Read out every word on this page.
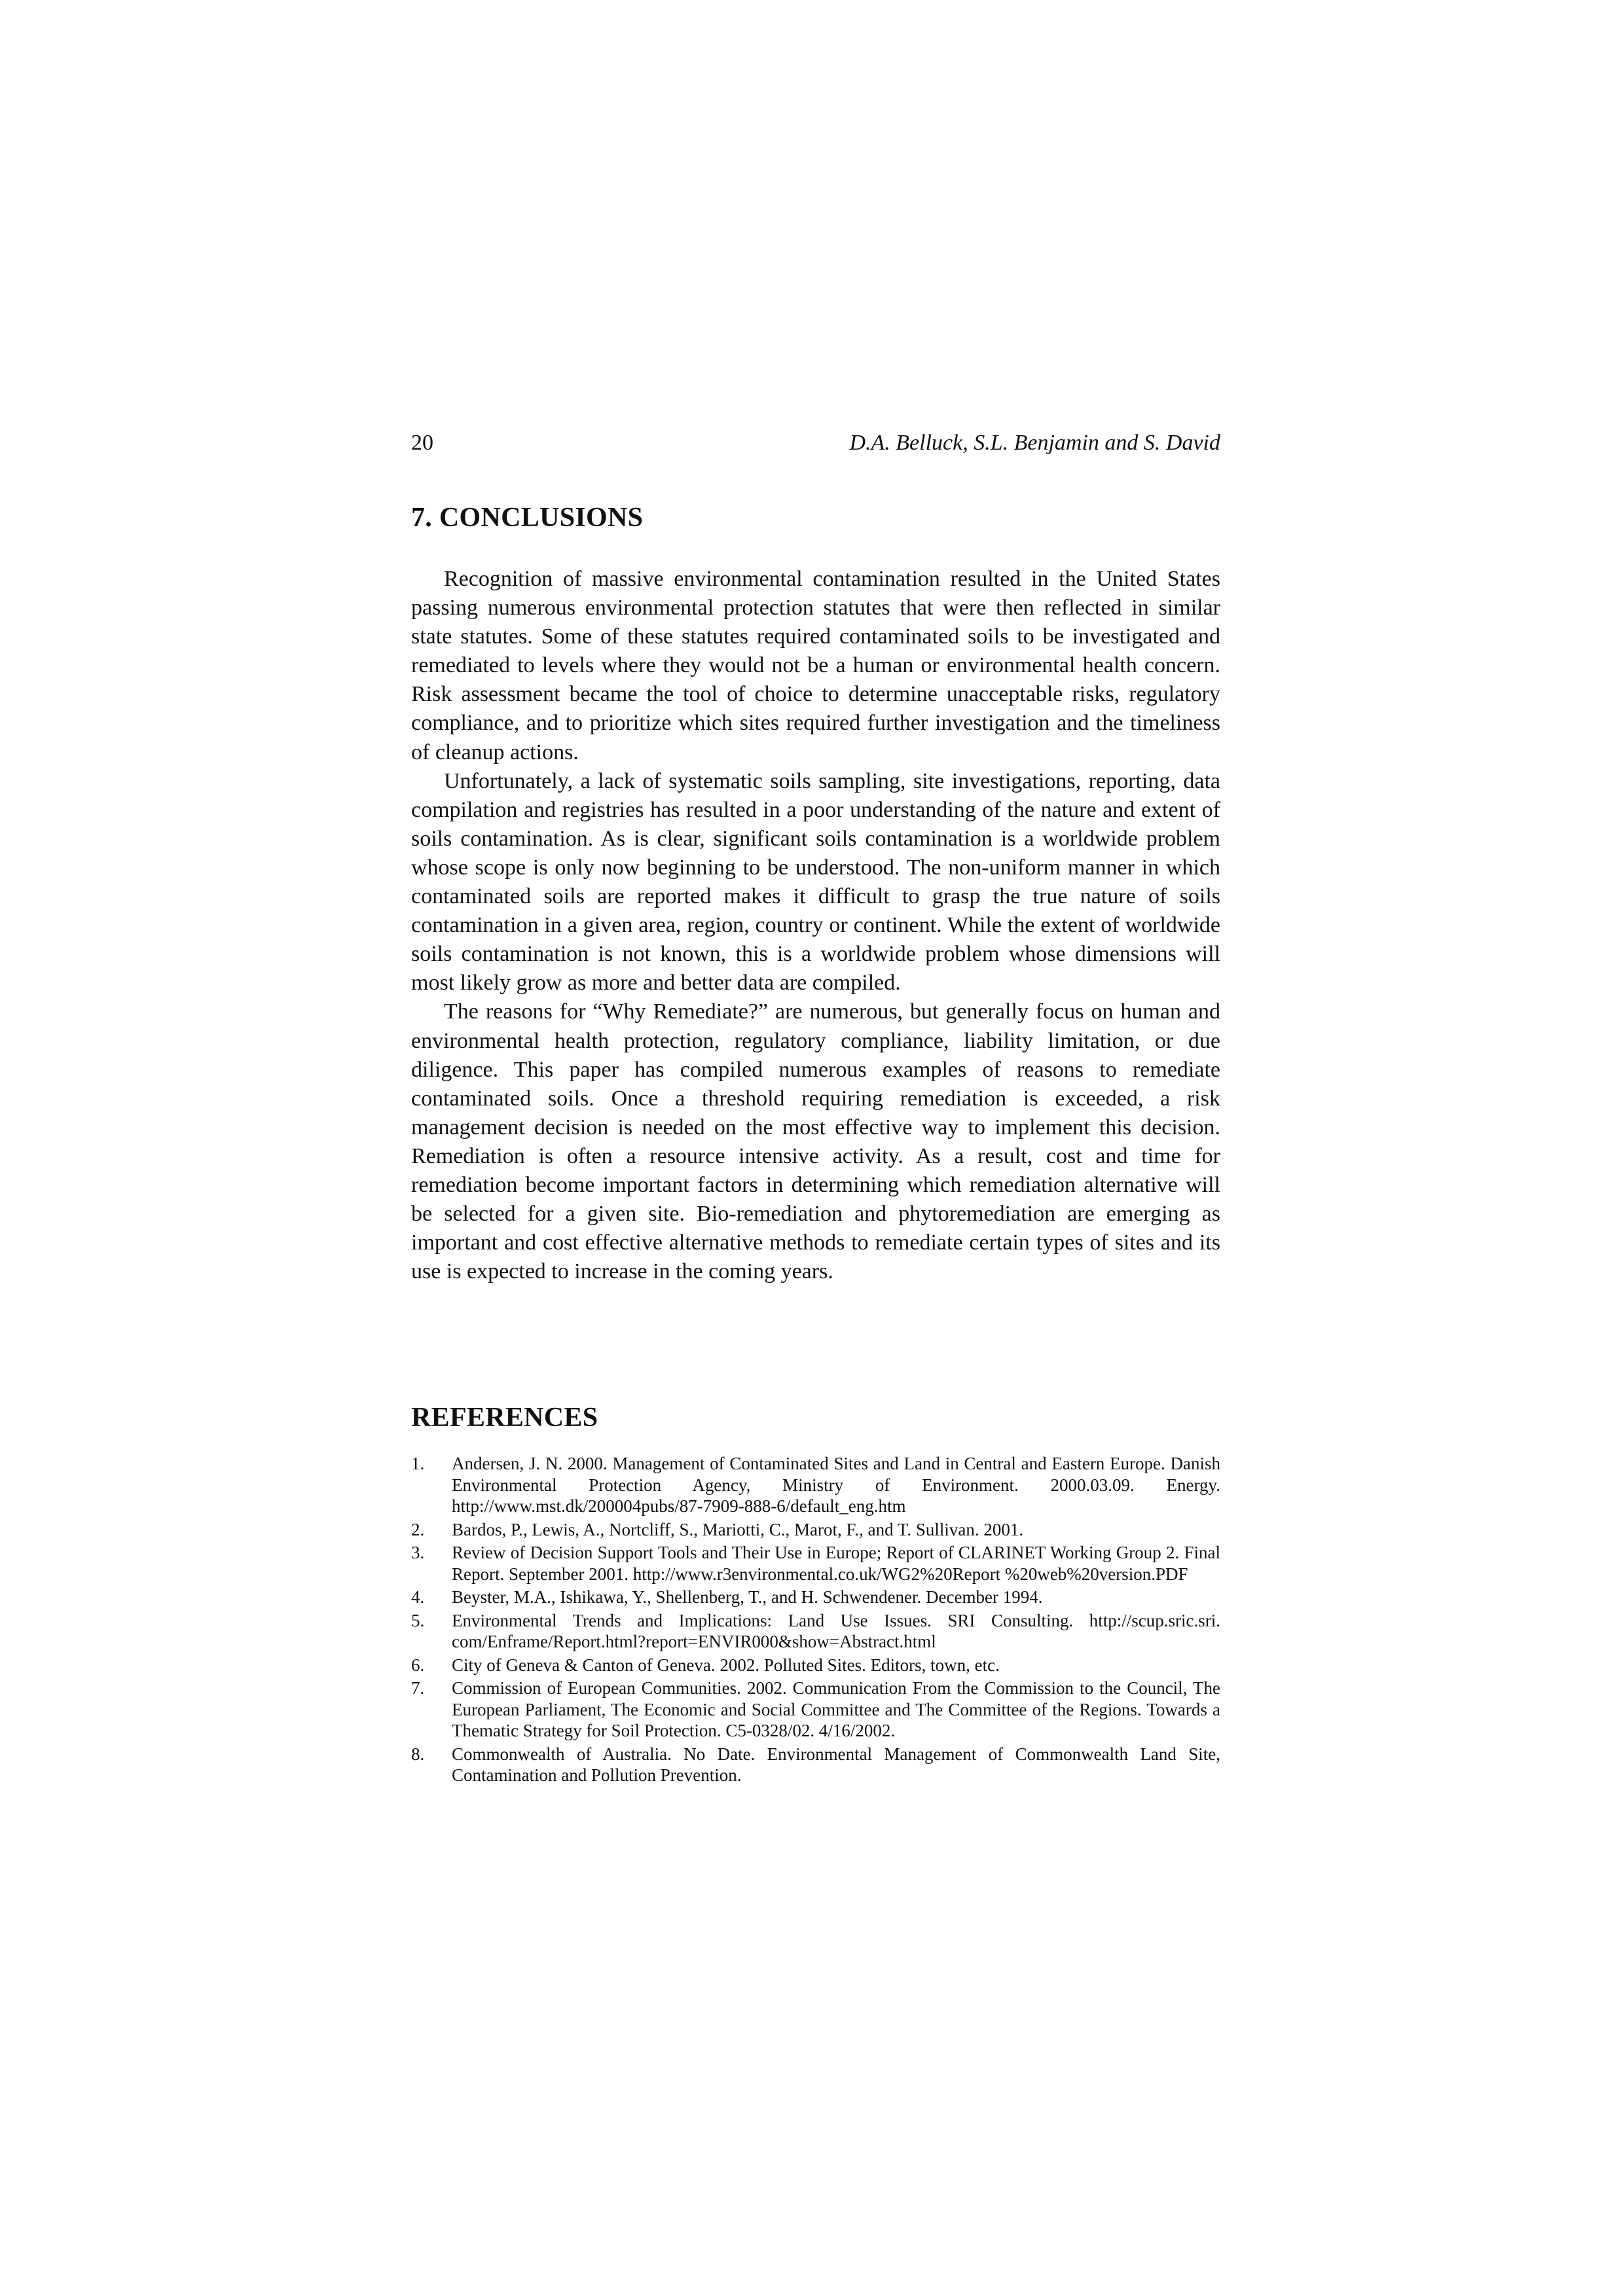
20	D.A. Belluck, S.L. Benjamin and S. David
7. CONCLUSIONS

Recognition of massive environmental contamination resulted in the United States passing numerous environmental protection statutes that were then reflected in similar state statutes. Some of these statutes required contaminated soils to be investigated and remediated to levels where they would not be a human or environmental health concern. Risk assessment became the tool of choice to determine unacceptable risks, regulatory compliance, and to prioritize which sites required further investigation and the timeliness of cleanup actions.

Unfortunately, a lack of systematic soils sampling, site investigations, reporting, data compilation and registries has resulted in a poor understanding of the nature and extent of soils contamination. As is clear, significant soils contamination is a worldwide problem whose scope is only now beginning to be understood. The non-uniform manner in which contaminated soils are reported makes it difficult to grasp the true nature of soils contamination in a given area, region, country or continent. While the extent of worldwide soils contamination is not known, this is a worldwide problem whose dimensions will most likely grow as more and better data are compiled.

The reasons for “Why Remediate?” are numerous, but generally focus on human and environmental health protection, regulatory compliance, liability limitation, or due diligence. This paper has compiled numerous examples of reasons to remediate contaminated soils. Once a threshold requiring remediation is exceeded, a risk management decision is needed on the most effective way to implement this decision. Remediation is often a resource intensive activity. As a result, cost and time for remediation become important factors in determining which remediation alternative will be selected for a given site. Bio-remediation and phytoremediation are emerging as important and cost effective alternative methods to remediate certain types of sites and its use is expected to increase in the coming years.

REFERENCES
1. Andersen, J. N. 2000. Management of Contaminated Sites and Land in Central and Eastern Europe. Danish Environmental Protection Agency, Ministry of Environment. 2000.03.09. Energy. http://www.mst.dk/200004pubs/87-7909-888-6/default_eng.htm
2. Bardos, P., Lewis, A., Nortcliff, S., Mariotti, C., Marot, F., and T. Sullivan. 2001.
3. Review of Decision Support Tools and Their Use in Europe; Report of CLARINET Working Group 2. Final Report. September 2001. http://www.r3environmental.co.uk/WG2%20Report %20web%20version.PDF
4. Beyster, M.A., Ishikawa, Y., Shellenberg, T., and H. Schwendener. December 1994.
5. Environmental Trends and Implications: Land Use Issues. SRI Consulting. http://scup.sric.sri. com/Enframe/Report.html?report=ENVIR000&show=Abstract.html
6. City of Geneva & Canton of Geneva. 2002. Polluted Sites. Editors, town, etc.
7. Commission of European Communities. 2002. Communication From the Commission to the Council, The European Parliament, The Economic and Social Committee and The Committee of the Regions. Towards a Thematic Strategy for Soil Protection. C5-0328/02. 4/16/2002.
8. Commonwealth of Australia. No Date. Environmental Management of Commonwealth Land Site, Contamination and Pollution Prevention.
